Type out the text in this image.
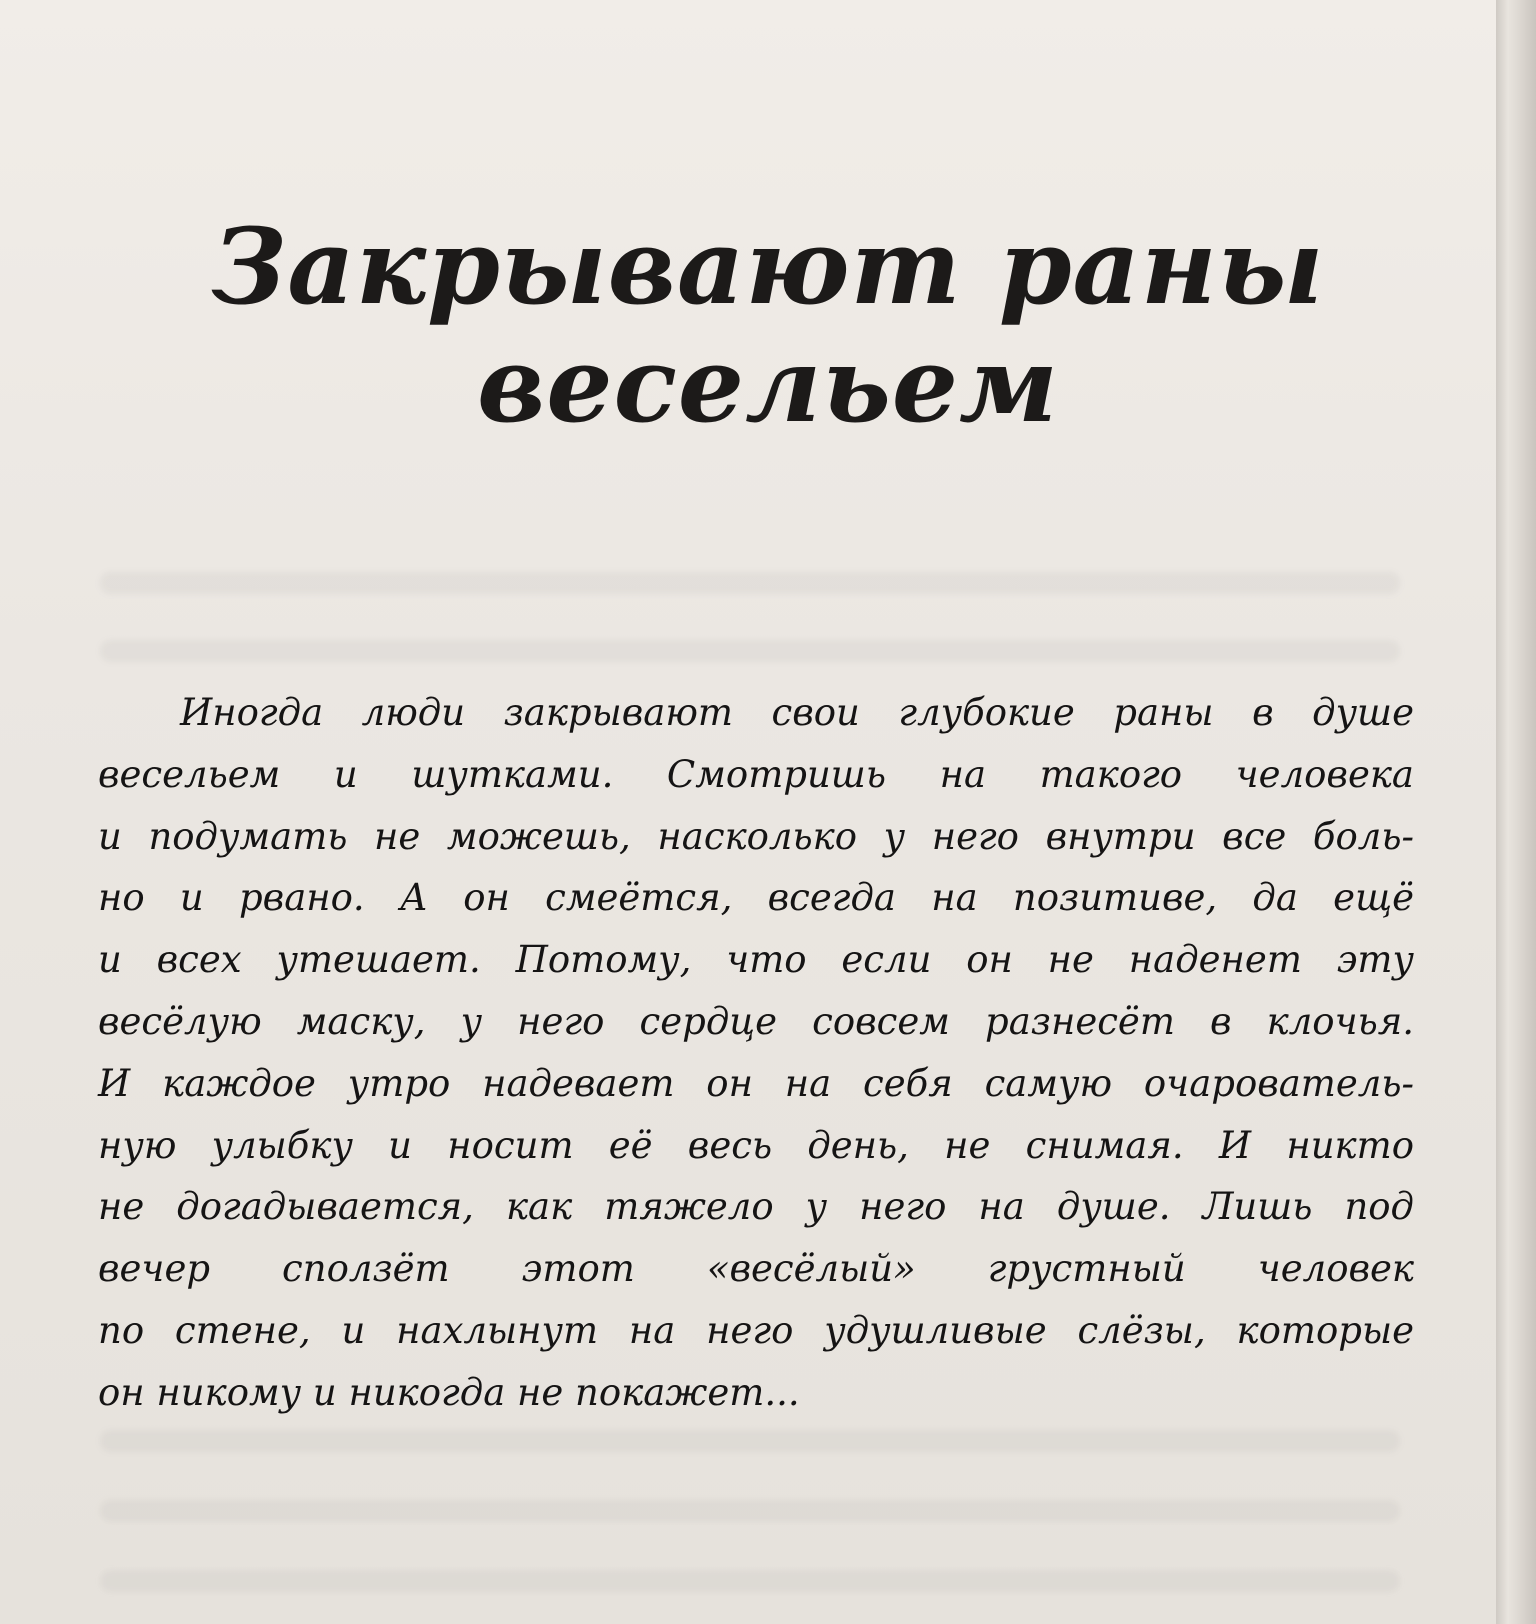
Закрывают раны
весельем
Иногда люди закрывают свои глубокие раны в душе
весельем и шутками. Смотришь на такого человека
и подумать не можешь, насколько у него внутри все боль-
но и рвано. А он смеётся, всегда на позитиве, да ещё
и всех утешает. Потому, что если он не наденет эту
весёлую маску, у него сердце совсем разнесёт в клочья.
И каждое утро надевает он на себя самую очарователь-
ную улыбку и носит её весь день, не снимая. И никто
не догадывается, как тяжело у него на душе. Лишь под
вечер сползёт этот «весёлый» грустный человек
по стене, и нахлынут на него удушливые слёзы, которые
он никому и никогда не покажет...
